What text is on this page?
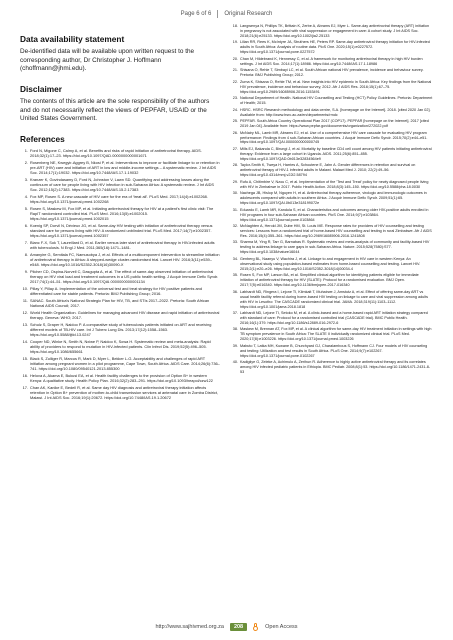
Page 6 of 6 Original Research
Data availability statement

De-identified data will be available upon written request to the corresponding author, Dr Christopher J. Hoffmann (choffmann@jhmi.edu).

Disclaimer

The contents of this article are the sole responsibility of the authors and do not necessarily reflect the views of PEPFAR, USAID or the United States Government.

References
1. Ford N, Migone C, Calmy A, et al. Benefits and risks of rapid initiation of antiretroviral therapy. AIDS. 2018;32(1):17–23. https://doi.org/10.1097/QAD.0000000000001671
2. Rosenberg NE, Kwegyir-Aggrey B, Nkosi P, et al. Interventions to improve or facilitate linkage to or retention in pre-ART (HIV) care and initiation of ART in low and middle-income settings – A systematic review. J Int AIDS Soc. 2014;17(1):19032. https://doi.org/10.7448/IAS.17.1.19032
3. Kranzer K, Govindasamy D, Ford N, Johnston V, Lawn SD. Quantifying and addressing losses along the continuum of care for people living with HIV infection in sub-Saharan Africa: A systematic review. J Int AIDS Soc. 2012;15(2):17383. https://doi.org/10.7448/IAS.15.2.17383
4. Fox MP, Rosen S. A new cascade of HIV care for the era of 'treat all'. PLoS Med. 2017;14(4):e1002268. https://doi.org/10.1371/journal.pmed.1002268
5. Rosen S, Maskew M, Fox MP, et al. Initiating antiretroviral therapy for HIV at a patient's first clinic visit: The RapIT randomized controlled trial. PLoS Med. 2016;13(5):e1002015. https://doi.org/10.1371/journal.pmed.1002015
6. Koenig SP, Dorvil N, Dévieux JG, et al. Same-day HIV testing with initiation of antiretroviral therapy versus standard care for persons living with HIV: A randomized unblinded trial. PLoS Med. 2017;14(7):e1002357. https://doi.org/10.1371/journal.pmed.1002357
7. Blanc F-X, Sok T, Laureillard D, et al. Earlier versus later start of antiretroviral therapy in HIV-infected adults with tuberculosis. N Engl J Med. 2011;365(16):1471–1481.
8. Amanyire G, Semitala FC, Namusobya J, et al. Effects of a multicomponent intervention to streamline initiation of antiretroviral therapy in Africa: A stepped-wedge cluster-randomised trial. Lancet HIV. 2016;3(11):e539–e548. https://doi.org/10.1016/S2352-3018(16)30090-X
9. Pilcher CD, Ospina-Norvell C, Dasgupta A, et al. The effect of same-day observed initiation of antiretroviral therapy on HIV viral load and treatment outcomes in a US public health setting. J Acquir Immune Defic Syndr. 2017;74(1):44–51. https://doi.org/10.1097/QAI.0000000000001134
10. Pillay Y, Pillay A. Implementation of the universal test and treat strategy for HIV positive patients and differentiated care for stable patients. Pretoria: BMJ Publishing Group; 2016.
11. SANAC. South Africa's National Strategic Plan for HIV, TB, and STIs 2017–2022. Pretoria: South African National AIDS Council; 2017.
12. World Health Organization. Guidelines for managing advanced HIV disease and rapid initiation of antiretroviral therapy. Geneva: WHO; 2017.
13. Schulz S, Draper H, Naidoo P. A comparative study of tuberculosis patients initiated on ART and receiving different models of TB-HIV care. Int J Tuberc Lung Dis. 2013;17(12):1558–1563. https://doi.org/10.5588/ijtld.13.0247
14. Cooper ND, Winke N, Smith N, Nxiwe P, Naidoo K, Sowa H. Systematic review and meta-analysis: Rapid ability of providers to respond to mutation in HIV-infected patients. Clin Infect Dis. 2019;52(5):496–505. https://doi.org/10.1086/655661
15. Black S, Zulliger R, Marcus R, Mark D, Myer L, Bekker L-G. Acceptability and challenges of rapid ART initiation among pregnant women in a pilot programme, Cape Town, South Africa. AIDS Care. 2014;26(6):736–741. https://doi.org/10.1080/09540121.2013.855300
16. Helova A, Akama E, Bukusi EA, et al. Health facility challenges to the provision of Option B+ in western Kenya: A qualitative study. Health Policy Plan. 2016;32(2):283–291. https://doi.org/10.1093/heapol/czw122
17. Chan AK, Kanike E, Bedell R, et al. Same day HIV diagnosis and antiretroviral therapy initiation affects retention in Option B+ prevention of mother-to-child transmission services at antenatal care in Zomba District, Malawi. J Int AIDS Soc. 2016;19(1):20672. https://doi.org/10.7448/IAS.19.1.20672
18. Langwenya N, Phillips TK, Brittain K, Zerbe A, Abrams EJ, Myer L. Same-day antiretroviral therapy (ART) initiation in pregnancy is not associated with viral suppression or engagement in care: A cohort study. J Int AIDS Soc. 2018;21(6):e25133. https://doi.org/10.1002/jia2.25133
19. Lilian RR, Rees K, McIntyre JA, Struthers HE, Peters RP. Same-day antiretroviral therapy initiation for HIV-infected adults in South Africa: Analysis of routine data. PloS One. 2020;15(1):e0227572. https://doi.org/10.1371/journal.pone.0227572
20. Chan M, Hildebrand K, Hennessy C, et al. A framework for monitoring antiretroviral therapy in high HIV burden settings. J Int AIDS Soc. 2014;17(1):18986. https://doi.org/10.7448/IAS.17.1.18986
21. Shisana O, Rehle T, Simbayi LC, et al. South African national HIV prevalence, incidence and behaviour survey. Pretoria: BMJ Publishing Group; 2012.
22. Zuma K, Shisana O, Rehle TM, et al. New insights into HIV epidemic in South Africa: Key findings from the National HIV prevalence, incidence and behaviour survey, 2012. Afr J AIDS Res. 2016;15(1):67–75. https://doi.org/10.2989/16085906.2016.1153491
23. National Department of Health. National HIV Counselling and Testing (HCT) Policy Guidelines. Pretoria: Department of Health; 2015.
24. HSRC. HSRC Research methodology and data centre, S.A. [homepage on the Internet]. 2018. [cited 2020 Jan 02]. Available from: http://www.hsrc.ac.za/en/departments/rmdc
25. PEPFAR. South Africa Country Operational Plan 2017 (COP17). PEPFAR [homepage on the Internet]. 2017 [cited 2019 Jan 04]. Available from: https://www.pepfar.gov/documents/organization/272022.pdf
26. McNairy ML, Lamb MR, Abrams EJ, et al. Use of a comprehensive HIV care cascade for evaluating HIV program performance: Findings from 4 sub-Saharan African countries. J Acquir Immune Defic Syndr. 2015;70(2):e44–e51. https://doi.org/10.1097/QAI.0000000000000745
27. Mills EJ, Bakanda C, Birungi J, et al. Mortality by baseline CD4 cell count among HIV patients initiating antiretroviral therapy: Evidence from a large cohort in Uganda. AIDS. 2011;25(6):851–855. https://doi.org/10.1097/QAD.0b013e32834564e9
28. Taylor-Smith K, Tweya H, Harries A, Schoutene E, Jahn A. Gender differences in retention and survival on antiretroviral therapy of HIV-1 infected adults in Malawi. Malawi Med J. 2010; 22(2):49–56. https://doi.org/10.4314/mmj.v22i2.58794
29. Rufu A, Chitimbire V, Nzou C, et al. Implementation of the 'Test and Treat' policy for newly diagnosed people living with HIV in Zimbabwe in 2017. Public Health Action. 2018;8(3):145–150. https://doi.org/10.5588/pha.18.0030
30. Nachega JB, Hislop M, Nguyen H, et al. Antiretroviral therapy adherence, virologic and immunologic outcomes in adolescents compared with adults in southern Africa. J Acquir Immune Defic Syndr. 2009;51(1):65. https://doi.org/10.1097/QAI.0b013e318199072e
31. Eduardo E, Lamb MR, Kandula S, et al. Characteristics and outcomes among older HIV-positive adults enrolled in HIV programs in four sub-Saharan African countries. PloS One. 2014;9(7):e103864. https://doi.org/10.1371/journal.pone.0103864
32. McNaghten A, Herold JM, Dube HM, St. Louis ME. Response rates for providers of HIV counselling and testing services: Lessons from a randomized trial of home-based HIV counselling and testing in rural Zimbabwe. Afr J AIDS Res. 2016;15(4):355–361. https://doi.org/10.2989/16085906.2016.1241808
33. Sharma M, Ying R, Tarr G, Barnabas R. Systematic review and meta-analysis of community and facility-based HIV testing to address linkage to care gaps in sub-Saharan Africa. Nature. 2015;528(7580):S77. https://doi.org/10.1038/nature16044
34. Genberg BL, Naanyu V, Wachira J, et al. Linkage to and engagement in HIV care in western Kenya: An observational study using population-based estimates from home-based counselling and testing. Lancet HIV. 2015;2(1):e20–e26. https://doi.org/10.1016/S2352-3018(14)00034-4
35. Rosen S, Fox MP, Larson BA, et al. Simplified clinical algorithm for identifying patients eligible for immediate initiation of antiretroviral therapy for HIV (SLATE): Protocol for a randomised evaluation. BMJ Open. 2017;7(5):e016340. https://doi.org/10.1136/bmjopen-2017-016340
36. Labhardt ND, Ringera I, Lejone TI, Klimkait T, Muhairwe J, Amstutz A, et al. Effect of offering same-day ART vs usual health facility referral during home-based HIV testing on linkage to care and viral suppression among adults with HIV in Lesotho: The CASCADE randomized clinical trial. JAMA. 2018;319(11):1103–1112. https://doi.org/10.1001/jama.2018.1818
37. Labhardt ND, Lejone TI, Setoko M, et al. A clinic-based and a home-based rapid ART initiation strategy compared with standard of care: Protocol for a randomised controlled trial (CASCADE trial). BMC Public Health. 2016;16(1):379. https://doi.org/10.1186/s12889-016-2972-6
38. Maskew M, Brennan AT, Fox MP, et al. A clinical algorithm for same-day HIV treatment initiation in settings with high TB symptom prevalence in South Africa: The SLATE II individually randomized clinical trial. PLoS Med. 2020;17(8):e1003226. https://doi.org/10.1371/journal.pmed.1003226
39. Mabuto T, Latka MH, Kuwane B, Churchyard GJ, Charalambous S, Hoffmann CJ. Four models of HIV counseling and testing: Utilization and test results in South Africa. PLoS One. 2014;9(7):e102267. https://doi.org/10.1371/journal.pone.0102267
40. Kadigiiye G, Zeleke A, Achimulo A, Zerihun R. Adherence to highly active antiretroviral therapy and its correlates among HIV infected pediatric patients in Ethiopia. BMC Pediatr. 2008;8(1):53. https://doi.org/10.1186/1471-2431-8-53
http://www.sajhivmed.org.za	208	Open Access
